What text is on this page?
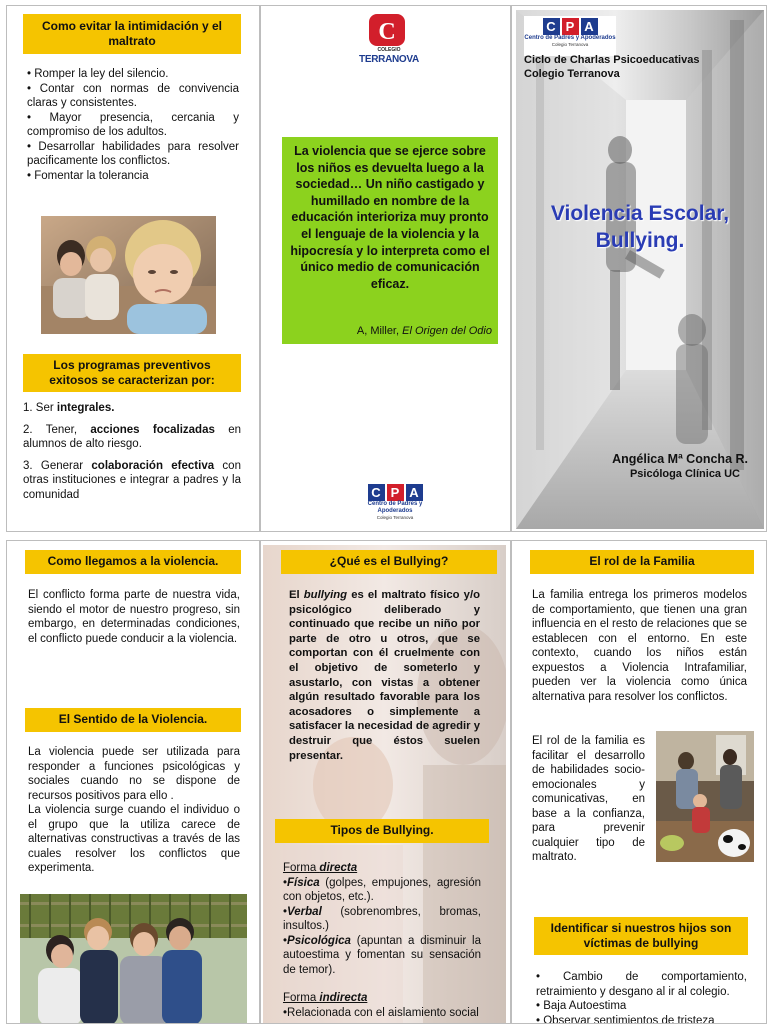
Como evitar la intimidación y el maltrato
• Romper la ley del silencio.
• Contar con normas de convivencia claras y consistentes.
• Mayor presencia, cercania y compromiso de los adultos.
• Desarrollar habilidades para resolver pacificamente los conflictos.
• Fomentar la tolerancia
Los programas preventivos exitosos se caracterizan por:
1. Ser integrales.
2. Tener, acciones focalizadas en alumnos de alto riesgo.
3. Generar colaboración efectiva con otras instituciones e integrar a padres y la comunidad
C
COLEGIO
TERRANOVA
La violencia que se ejerce sobre los niños es devuelta luego a la sociedad… Un niño castigado y humillado en nombre de la educación interioriza muy pronto el lenguaje de la violencia y la hipocresía y lo interpreta como el único medio de comunicación eficaz.
A, Miller, El Origen del Odio
C P A
Centro de Padres y Apoderados
Colegio Terranova
C P A
Centro de Padres y Apoderados
Colegio Terranova
Ciclo de Charlas Psicoeducativas
Colegio Terranova
Violencia Escolar,
Bullying.
Angélica Mª Concha R.
Psicóloga Clínica UC
Como llegamos a la violencia.
El conflicto forma parte de nuestra vida, siendo el motor de nuestro progreso, sin embargo, en determinadas condiciones, el conflicto puede conducir a la violencia.
El Sentido de la Violencia.
La violencia puede ser utilizada para responder a funciones psicológicas y sociales cuando no se dispone de recursos positivos para ello .
La violencia surge cuando el individuo o el grupo que la utiliza carece de alternativas constructivas a través de las cuales resolver los conflictos que experimenta.
¿Qué es el Bullying?
El bullying es el maltrato físico y/o psicológico deliberado y continuado que recibe un niño por parte de otro u otros, que se comportan con él cruelmente con el objetivo de someterlo y asustarlo, con vistas a obtener algún resultado favorable para los acosadores o simplemente a satisfacer la necesidad de agredir y destruir que éstos suelen presentar.
Tipos de Bullying.
Forma directa
•Física (golpes, empujones, agresión con objetos, etc.).
•Verbal (sobrenombres, bromas, insultos.)
•Psicológica (apuntan a disminuir la autoestima y fomentan su sensación de temor).
Forma indirecta
•Relacionada con el aislamiento social
El rol de la Familia
La familia entrega los primeros modelos de comportamiento, que tienen una gran influencia en el resto de relaciones que se establecen con el entorno. En este contexto, cuando los niños están expuestos a Violencia Intrafamiliar, pueden ver la violencia como única alternativa para resolver los conflictos.
El rol de la familia es facilitar el desarrollo de habilidades socio-emocionales y comunicativas, en base a la confianza, para prevenir cualquier tipo de maltrato.
Identificar si nuestros hijos son víctimas de bullying
• Cambio de comportamiento, retraimiento y desgano al ir al colegio.
• Baja Autoestima
• Observar sentimientos de tristeza
